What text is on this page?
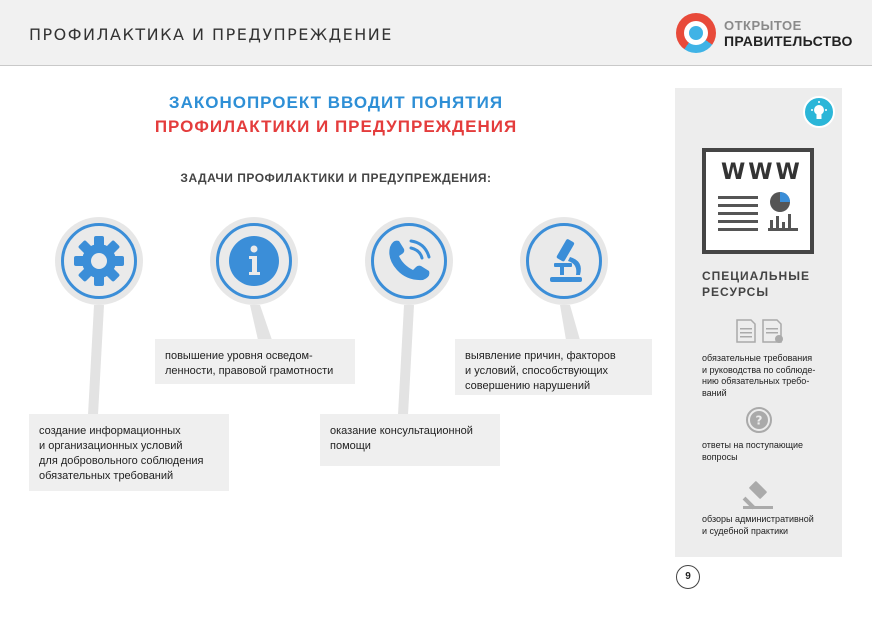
ПРОФИЛАКТИКА И ПРЕДУПРЕЖДЕНИЕ	ОТКРЫТОЕ
ПРАВИТЕЛЬСТВО
ЗАКОНОПРОЕКТ ВВОДИТ ПОНЯТИЯ
ПРОФИЛАКТИКИ И ПРЕДУПРЕЖДЕНИЯ
ЗАДАЧИ ПРОФИЛАКТИКИ И ПРЕДУПРЕЖДЕНИЯ:
создание информационных
и организационных условий
для добровольного соблюдения
обязательных требований
повышение уровня осведом-
ленности, правовой грамотности
оказание консультационной
помощи
выявление причин, факторов
и условий, способствующих
совершению нарушений
WWW
СПЕЦИАЛЬНЫЕ
РЕСУРСЫ
обязательные требования
и руководства по соблюде-
нию обязательных требо-
ваний
?
ответы на поступающие
вопросы
обзоры административной
и судебной практики
9
